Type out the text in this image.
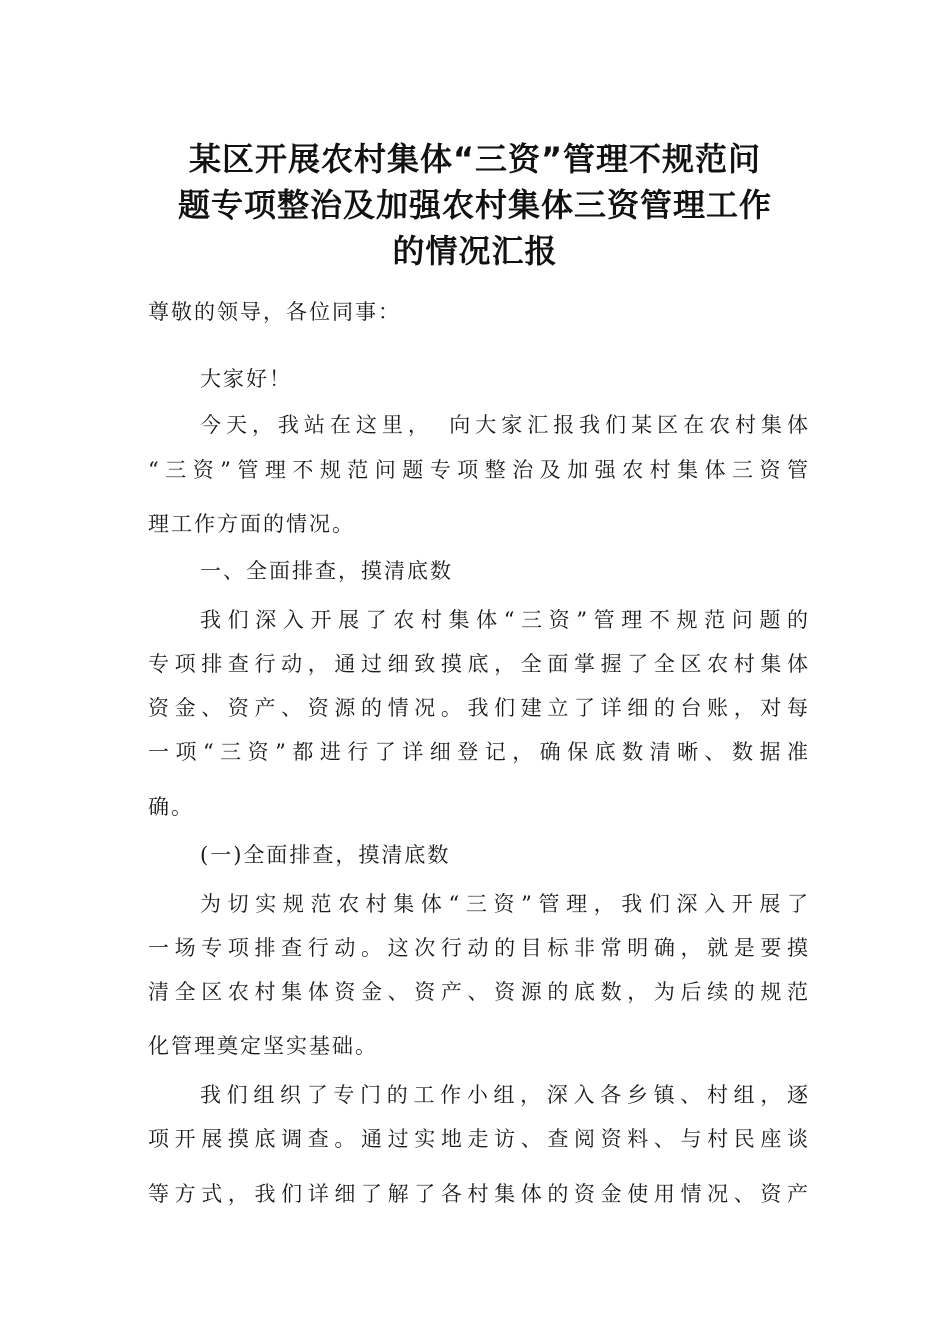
某区开展农村集体“三资”管理不规范问
题专项整治及加强农村集体三资管理工作
的情况汇报
尊敬的领导，各位同事：
大家好！
今天，我站在这里，　向大家汇报我们某区在农村集体
“三资”管理不规范问题专项整治及加强农村集体三资管
理工作方面的情况。
一、全面排查，摸清底数
我们深入开展了农村集体“三资”管理不规范问题的
专项排查行动，通过细致摸底，全面掌握了全区农村集体
资金、资产、资源的情况。我们建立了详细的台账，对每
一项“三资”都进行了详细登记，确保底数清晰、数据准
确。
(一)全面排查，摸清底数
为切实规范农村集体“三资”管理，我们深入开展了
一场专项排查行动。这次行动的目标非常明确，就是要摸
清全区农村集体资金、资产、资源的底数，为后续的规范
化管理奠定坚实基础。
我们组织了专门的工作小组，深入各乡镇、村组，逐
项开展摸底调查。通过实地走访、查阅资料、与村民座谈
等方式，我们详细了解了各村集体的资金使用情况、资产
